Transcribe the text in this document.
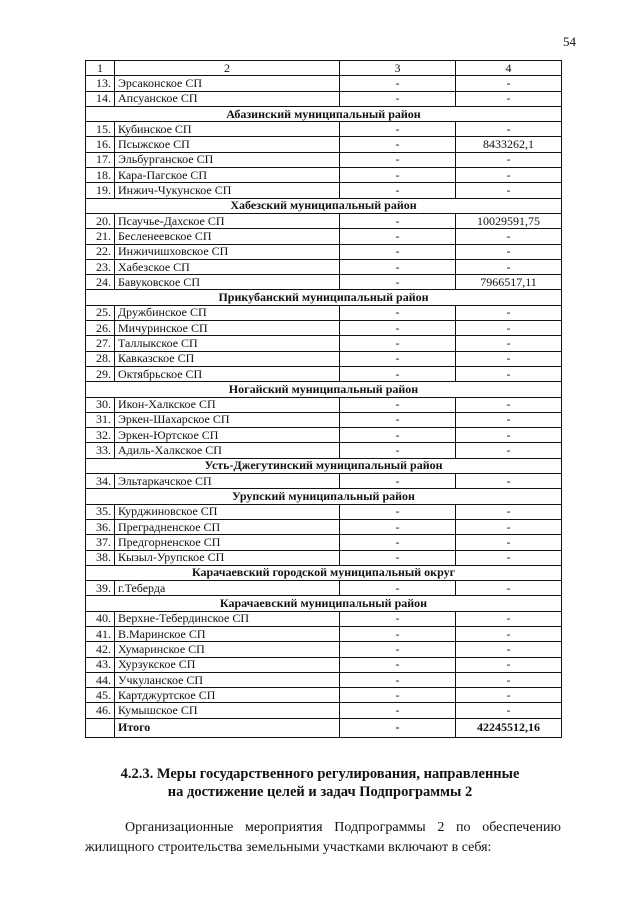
54
1	2	3	4
13.	Эрсаконское СП	-	-
14.	Апсуанское СП	-	-
Абазинский муниципальный район			
15.	Кубинское СП	-	-
16.	Псыжское СП	-	8433262,1
17.	Эльбурганское СП	-	-
18.	Кара-Пагское СП	-	-
19.	Инжич-Чукунское СП	-	-
Хабезский муниципальный район			
20.	Псаучье-Дахское СП	-	10029591,75
21.	Бесленеевское СП	-	-
22.	Инжичишховское СП	-	-
23.	Хабезское СП	-	-
24.	Бавуковское СП	-	7966517,11
Прикубанский муниципальный район			
25.	Дружбинское СП	-	-
26.	Мичуринское СП	-	-
27.	Таллыкское СП	-	-
28.	Кавказское СП	-	-
29.	Октябрьское СП	-	-
Ногайский муниципальный район			
30.	Икон-Халкское СП	-	-
31.	Эркен-Шахарское СП	-	-
32.	Эркен-Юртское СП	-	-
33.	Адиль-Халкское СП	-	-
Усть-Джегутинский муниципальный район			
34.	Эльтаркачское СП	-	-
Урупский муниципальный район			
35.	Курджиновское СП	-	-
36.	Преградненское СП	-	-
37.	Предгорненское СП	-	-
38.	Кызыл-Урупское СП	-	-
Карачаевский городской муниципальный округ			
39.	г.Теберда	-	-
Карачаевский муниципальный район			
40.	Верхне-Тебердинское СП	-	-
41.	В.Маринское СП	-	-
42.	Хумаринское СП	-	-
43.	Хурзукское СП	-	-
44.	Учкуланское СП	-	-
45.	Картджуртское СП	-	-
46.	Кумышское СП	-	-
	Итого	-	42245512,16
4.2.3. Меры государственного регулирования, направленные
на достижение целей и задач Подпрограммы 2
Организационные мероприятия Подпрограммы 2 по обеспечению жилищного строительства земельными участками включают в себя:
